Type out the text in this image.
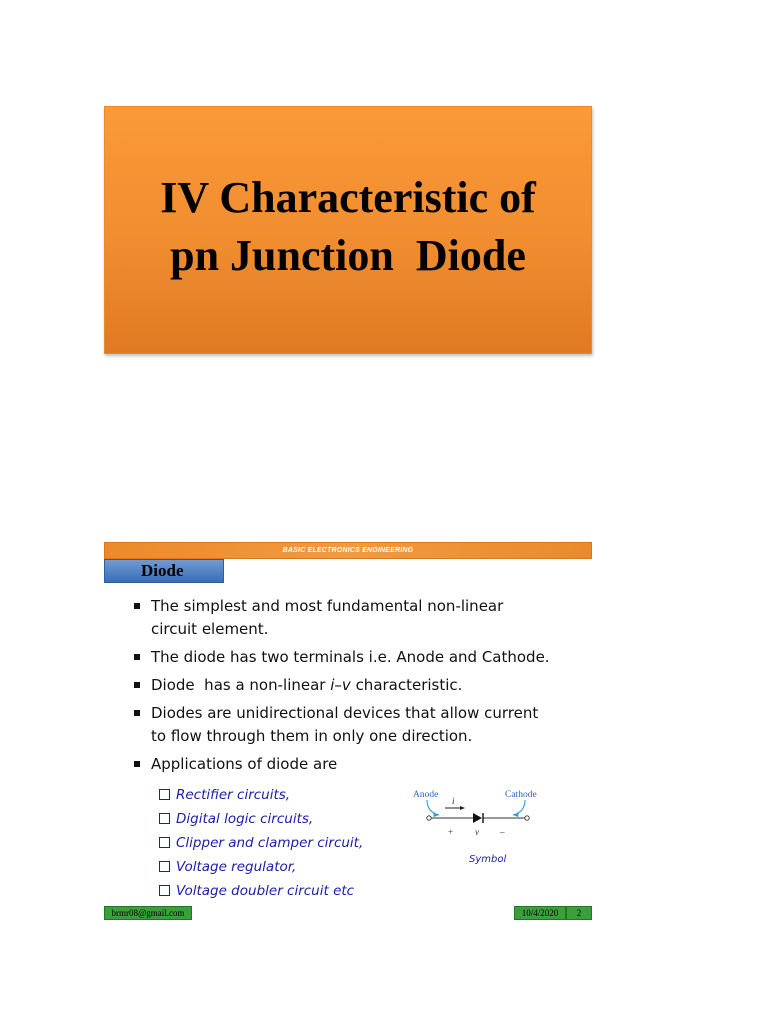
IV Characteristic of
pn Junction  Diode
BASIC ELECTRONICS ENGINEERING
Diode
The simplest and most fundamental non-linear
circuit element.
The diode has two terminals i.e. Anode and Cathode.
Diode  has a non-linear i–v characteristic.
Diodes are unidirectional devices that allow current
to flow through them in only one direction.
Applications of diode are
Rectifier circuits,
Digital logic circuits,
Clipper and clamper circuit,
Voltage regulator,
Voltage doubler circuit etc
Anode	Cathode
i
+ v –
Symbol
brmr08@gmail.com	10/4/2020	2
